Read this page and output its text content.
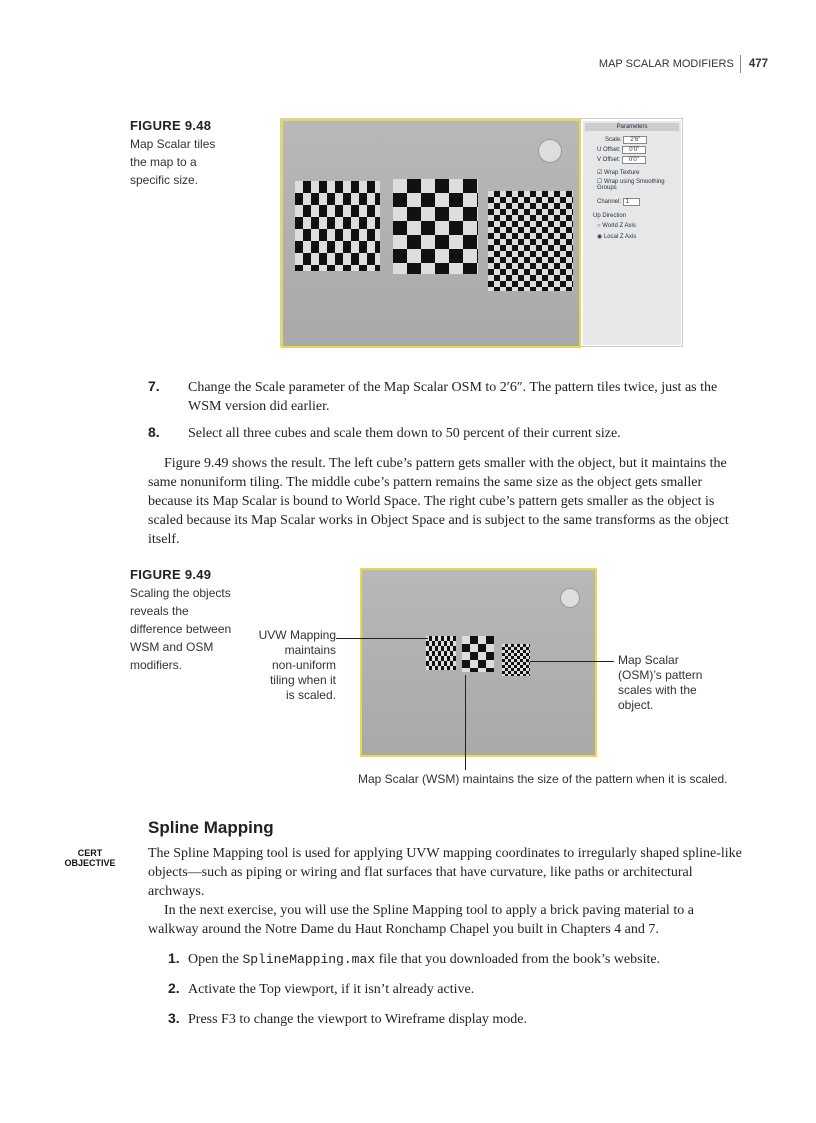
MAP SCALAR MODIFIERS 477
FIGURE 9.48
Map Scalar tiles the map to a specific size.
Parameters
Scale: 2'6"
U Offset: 0'0"
V Offset: 0'0"
☑ Wrap Texture
☐ Wrap using Smoothing Groups
Channel: 1
Up Direction
○ World Z Axis
◉ Local Z Axis
7. Change the Scale parameter of the Map Scalar OSM to 2′6″. The pattern tiles twice, just as the WSM version did earlier.
8. Select all three cubes and scale them down to 50 percent of their current size.
Figure 9.49 shows the result. The left cube’s pattern gets smaller with the object, but it maintains the same nonuniform tiling. The middle cube’s pattern remains the same size as the object gets smaller because its Map Scalar is bound to World Space. The right cube’s pattern gets smaller as the object is scaled because its Map Scalar works in Object Space and is subject to the same transforms as the object itself.
FIGURE 9.49
Scaling the objects reveals the difference between WSM and OSM modifiers.
UVW Mapping maintains non-uniform tiling when it is scaled.
Map Scalar (OSM)’s pattern scales with the object.
Map Scalar (WSM) maintains the size of the pattern when it is scaled.
Spline Mapping
CERT OBJECTIVE
The Spline Mapping tool is used for applying UVW mapping coordinates to irregularly shaped spline-like objects—such as piping or wiring and flat surfaces that have curvature, like paths or architectural archways.
In the next exercise, you will use the Spline Mapping tool to apply a brick paving material to a walkway around the Notre Dame du Haut Ronchamp Chapel you built in Chapters 4 and 7.
1. Open the SplineMapping.max file that you downloaded from the book’s website.
2. Activate the Top viewport, if it isn’t already active.
3. Press F3 to change the viewport to Wireframe display mode.
